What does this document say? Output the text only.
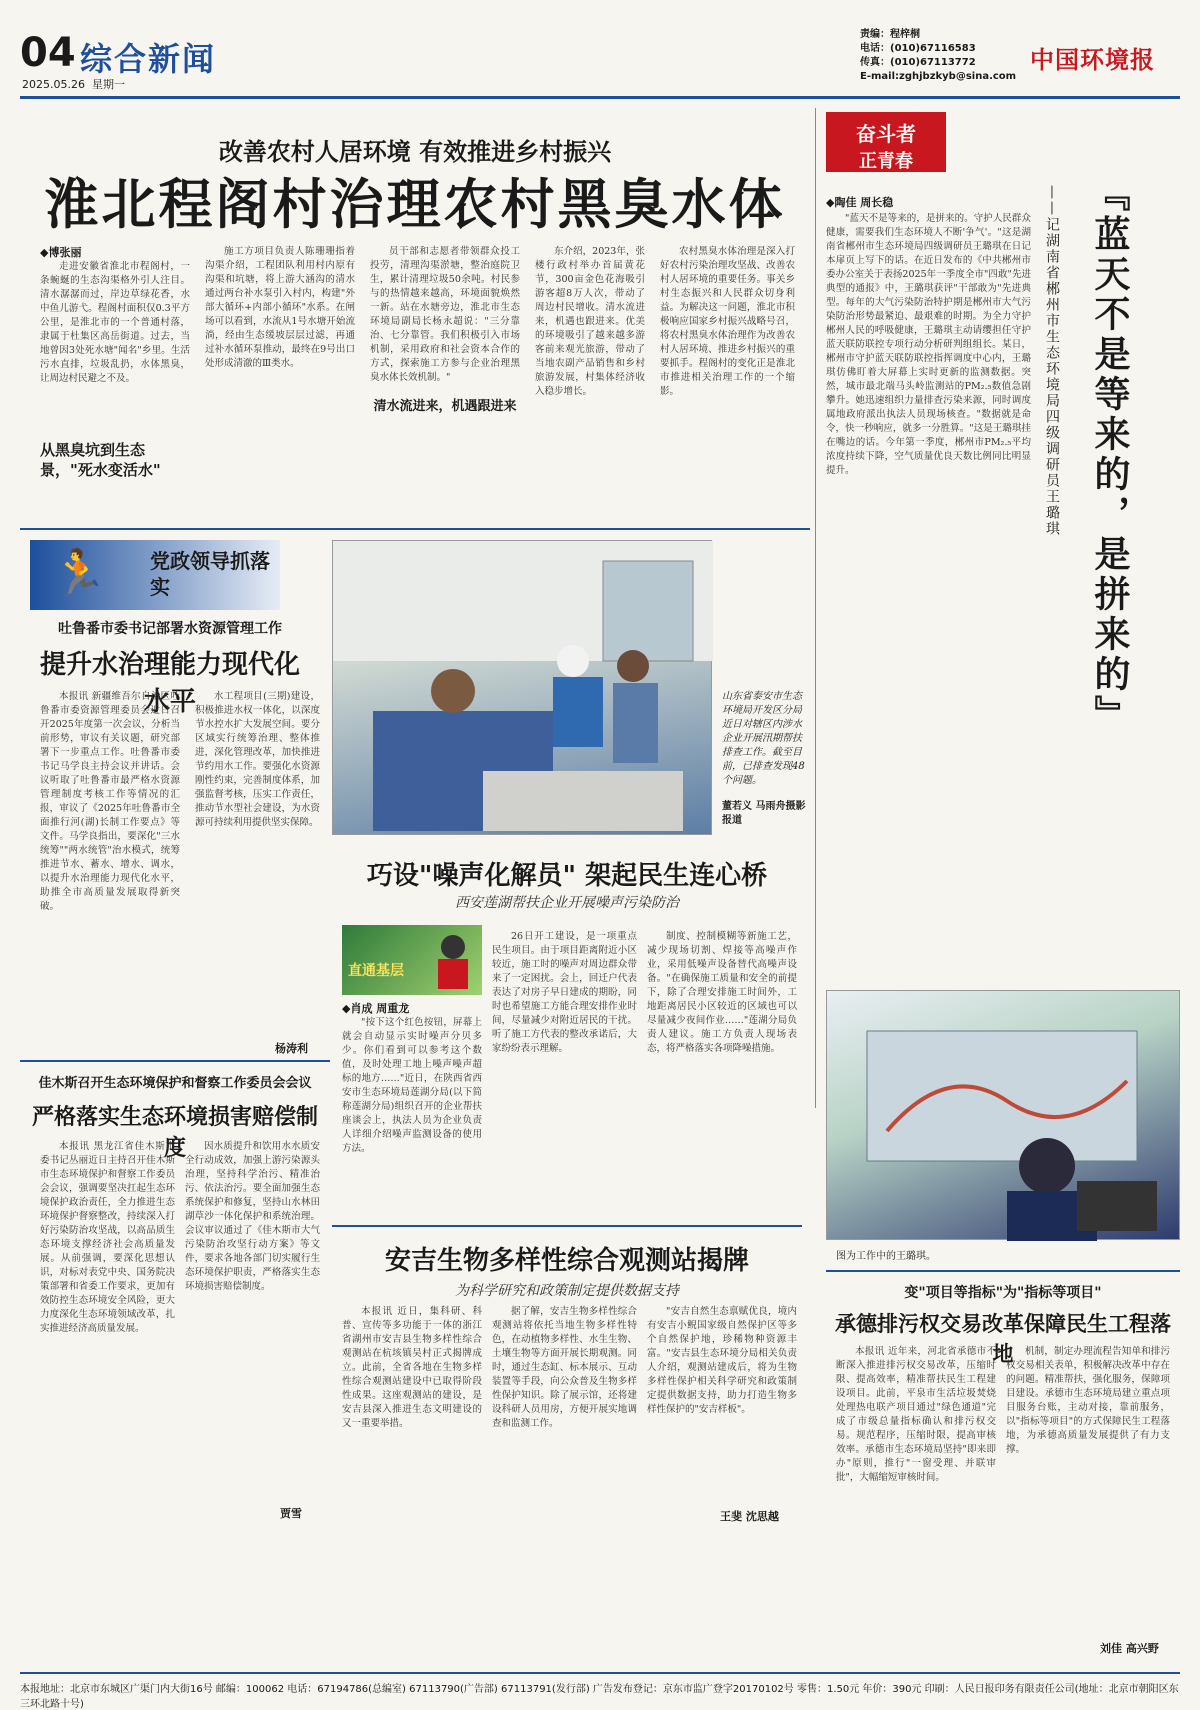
04 综合新闻
2025.05.26 星期一
责编：程梓桐
电话：(010)67116583
传真：(010)67113772
E-mail:zghjbzkyb@sina.com
中国环境报
改善农村人居环境 有效推进乡村振兴
淮北程阁村治理农村黑臭水体
◆博张丽

走进安徽省淮北市程阁村，一条蜿蜒的生态沟渠格外引人注目。清水潺潺而过，岸边草绿花香，水中鱼儿游弋。程阁村面积仅0.3平方公里，是淮北市的一个普通村落，隶属于杜集区高岳街道。过去，当地曾因3处死水塘"闻名"乡里。生活污水直排，垃圾乱扔，水体黑臭，让周边村民避之不及。

从黑臭坑到生态景，"死水变活水"

施工方项目负责人陈珊珊指着沟渠介绍，工程团队利用村内原有沟渠和坑塘，将上游大涵沟的清水通过两台补水泵引入村内，构建"外部大循环+内部小循环"水系。在闸场可以看到，水流从1号水塘开始流淌，经由生态缓坡层层过滤，再通过补水循环泵推动，最终在9号出口处形成清澈的Ⅲ类水。

员干部和志愿者带领群众投工投劳，清理沟渠淤塘，整治庭院卫生，累计清理垃圾50余吨。村民参与的热情越来越高，环境面貌焕然一新。站在水塘旁边，淮北市生态环境局副局长杨永超说："三分靠治、七分靠管。我们积极引入市场机制，采用政府和社会资本合作的方式，探索施工方参与企业治理黑臭水体长效机制。"

清水流进来，机遇跟进来

东介绍，2023年，张楼行政村举办首届黄花节，300亩金色花海吸引游客超8万人次，带动了周边村民增收。清水流进来，机遇也跟进来。优美的环境吸引了越来越多游客前来观光旅游，带动了当地农副产品销售和乡村旅游发展，村集体经济收入稳步增长。

农村黑臭水体治理是深入打好农村污染治理攻坚战、改善农村人居环境的重要任务。事关乡村生态振兴和人民群众切身利益。为解决这一问题，淮北市积极响应国家乡村振兴战略号召，将农村黑臭水体治理作为改善农村人居环境、推进乡村振兴的重要抓手。程阁村的变化正是淮北市推进相关治理工作的一个缩影。

奋斗者
正青春
◆陶佳 周长稳	『蓝天不是等来的，是拼来的』
——记湖南省郴州市生态环境局四级调研员王璐琪

"蓝天不是等来的，是拼来的。守护人民群众健康，需要我们生态环境人不断'争气'。"这是湖南省郴州市生态环境局四级调研员王璐琪在日记本扉页上写下的话。在近日发布的《中共郴州市委办公室关于表扬2025年一季度全市"四敢"先进典型的通报》中，王璐琪获评"干部敢为"先进典型。每年的大气污染防治特护期是郴州市大气污染防治形势最紧迫、最艰难的时期。为全力守护郴州人民的呼吸健康，王璐琪主动请缨担任守护蓝天联防联控专项行动分析研判组组长。某日，郴州市守护蓝天联防联控指挥调度中心内，王璐琪仿佛盯着大屏幕上实时更新的监测数据。突然，城市最北端马头岭监测站的PM₂.₅数值急剧攀升。她迅速组织力量排查污染来源，同时调度属地政府派出执法人员现场核查。"数据就是命令，快一秒响应，就多一分胜算。"这是王璐琪挂在嘴边的话。今年第一季度，郴州市PM₂.₅平均浓度持续下降，空气质量优良天数比例同比明显提升。

图为工作中的王璐琪。
🏃 党政领导抓落实
吐鲁番市委书记部署水资源管理工作
提升水治理能力现代化水平

本报讯 新疆维吾尔自治区吐鲁番市委资源管理委员会近日召开2025年度第一次会议，分析当前形势，审议有关议题，研究部署下一步重点工作。吐鲁番市委书记马学良主持会议并讲话。会议听取了吐鲁番市最严格水资源管理制度考核工作等情况的汇报，审议了《2025年吐鲁番市全面推行河(湖)长制工作要点》等文件。马学良指出，要深化"三水统筹""两水统管"治水模式，统筹推进节水、蓄水、增水、调水，以提升水治理能力现代化水平，助推全市高质量发展取得新突破。

水工程项目(三期)建设，积极推进水权一体化，以深度节水控水扩大发展空间。要分区域实行统筹治理、整体推进，深化管理改革，加快推进节约用水工作。要强化水资源刚性约束，完善制度体系，加强监督考核，压实工作责任，推动节水型社会建设，为水资源可持续利用提供坚实保障。

杨涛利
佳木斯召开生态环境保护和督察工作委员会会议
严格落实生态环境损害赔偿制度

本报讯 黑龙江省佳木斯市委书记丛丽近日主持召开佳木斯市生态环境保护和督察工作委员会会议，强调要坚决扛起生态环境保护政治责任，全力推进生态环境保护督察整改，持续深入打好污染防治攻坚战，以高品质生态环境支撑经济社会高质量发展。从前强调，要深化思想认识，对标对表党中央、国务院决策部署和省委工作要求，更加有效防控生态环境安全风险，更大力度深化生态环境领域改革，扎实推进经济高质量发展。

因水质提升和饮用水水质安全行动成效，加强上游污染源头治理，坚持科学治污、精准治污、依法治污。要全面加强生态系统保护和修复，坚持山水林田湖草沙一体化保护和系统治理。会议审议通过了《佳木斯市大气污染防治攻坚行动方案》等文件，要求各地各部门切实履行生态环境保护职责，严格落实生态环境损害赔偿制度。

贾雪
山东省泰安市生态环境局开发区分局近日对辖区内涉水企业开展汛期帮扶排查工作。截至目前，已排查发现48个问题。
董若义 马雨舟摄影报道
巧设"噪声化解员" 架起民生连心桥
西安莲湖帮扶企业开展噪声污染防治
直通基层
◆肖成 周重龙

"按下这个红色按钮，屏幕上就会自动显示实时噪声分贝多少。你们看到可以参考这个数值，及时处理工地上噪声噪声超标的地方……"近日，在陕西省西安市生态环境局莲湖分局(以下简称莲湖分局)组织召开的企业帮扶座谈会上，执法人员为企业负责人详细介绍噪声监测设备的使用方法。

26日开工建设，是一项重点民生项目。由于项目距离附近小区较近，施工时的噪声对周边群众带来了一定困扰。会上，回迁户代表表达了对房子早日建成的期盼，同时也希望施工方能合理安排作业时间，尽量减少对附近居民的干扰。听了施工方代表的整改承诺后，大家纷纷表示理解。

制度、控制模糊等新施工艺，减少现场切割、焊接等高噪声作业，采用低噪声设备替代高噪声设备。"在确保施工质量和安全的前提下，除了合理安排施工时间外，工地距离居民小区较近的区域也可以尽量减少夜间作业……"莲湖分局负责人建议。施工方负责人现场表态，将严格落实各项降噪措施。

安吉生物多样性综合观测站揭牌
为科学研究和政策制定提供数据支持

本报讯 近日，集科研、科普、宣传等多功能于一体的浙江省湖州市安吉县生物多样性综合观测站在杭垓镇吴村正式揭牌成立。此前，全省各地在生物多样性综合观测站建设中已取得阶段性成果。这座观测站的建设，是安吉县深入推进生态文明建设的又一重要举措。

据了解，安吉生物多样性综合观测站将依托当地生物多样性特色，在动植物多样性、水生生物、土壤生物等方面开展长期观测。同时，通过生态缸、标本展示、互动装置等手段，向公众普及生物多样性保护知识。除了展示馆，还将建设科研人员用房，方便开展实地调查和监测工作。

"安吉自然生态禀赋优良，境内有安吉小鲵国家级自然保护区等多个自然保护地，珍稀物种资源丰富。"安吉县生态环境分局相关负责人介绍，观测站建成后，将为生物多样性保护相关科学研究和政策制定提供数据支持，助力打造生物多样性保护的"安吉样板"。

王斐 沈思越
变"项目等指标"为"指标等项目"
承德排污权交易改革保障民生工程落地

本报讯 近年来，河北省承德市不断深入推进排污权交易改革，压缩时限、提高效率，精准帮扶民生工程建设项目。此前，平泉市生活垃圾焚烧处理热电联产项目通过"绿色通道"完成了市级总量指标确认和排污权交易。规范程序，压缩时限，提高审核效率。承德市生态环境局坚持"即来即办"原则，推行"一窗受理、并联审批"，大幅缩短审核时间。

机制，制定办理流程告知单和排污权交易相关表单，积极解决改革中存在的问题。精准帮扶，强化服务，保障项目建设。承德市生态环境局建立重点项目服务台账，主动对接，靠前服务，以"指标等项目"的方式保障民生工程落地，为承德高质量发展提供了有力支撑。

刘佳 高兴野
本报地址：北京市东城区广渠门内大街16号 邮编：100062 电话：67194786(总编室) 67113790(广告部) 67113791(发行部) 广告发布登记：京东市监广登字20170102号 零售：1.50元 年价：390元 印刷：人民日报印务有限责任公司(地址：北京市朝阳区东三环北路十号)
